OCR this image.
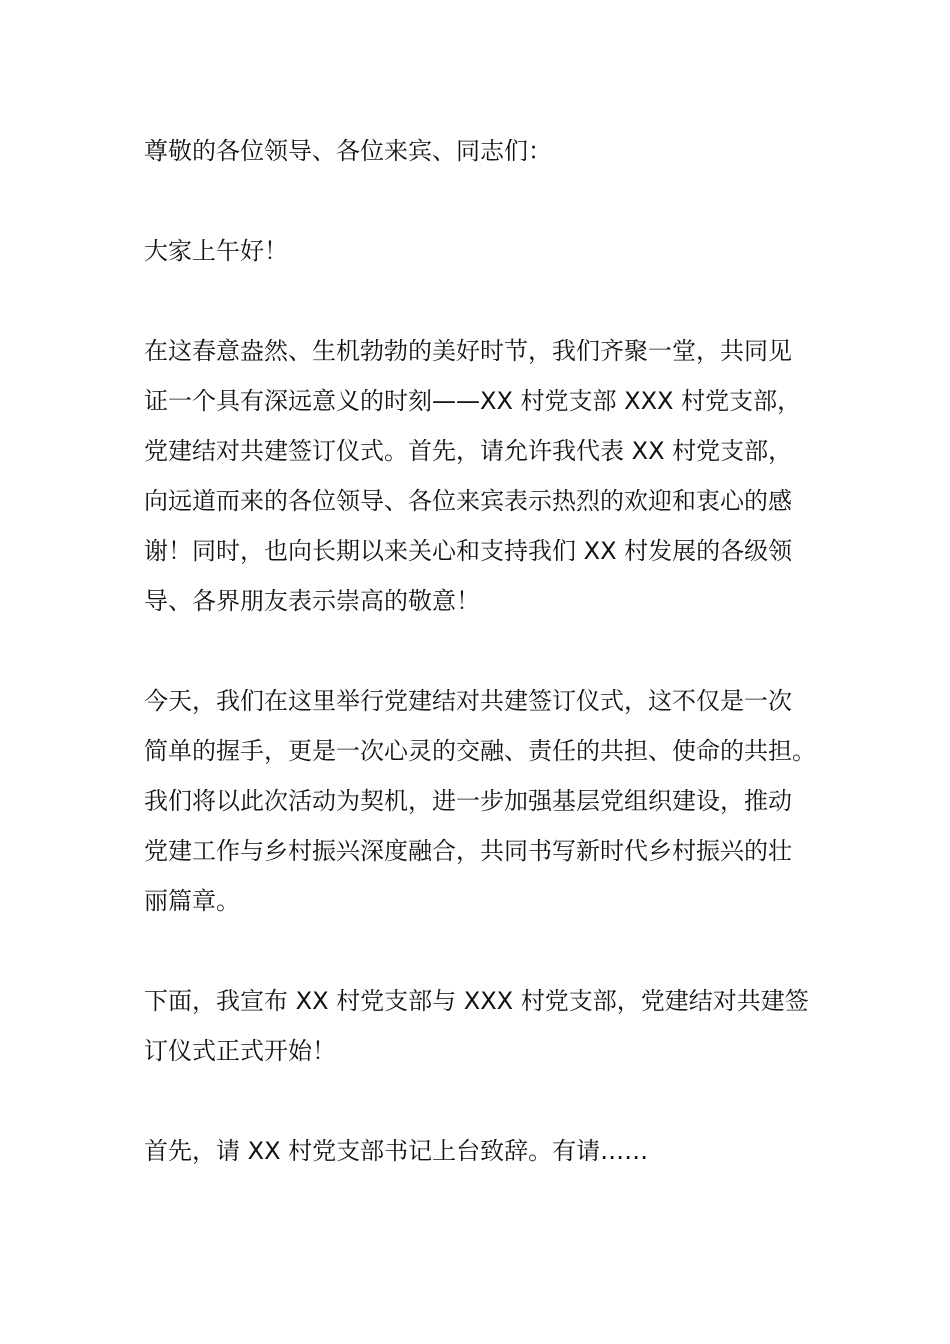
尊敬的各位领导、各位来宾、同志们：

大家上午好！

在这春意盎然、生机勃勃的美好时节，我们齐聚一堂，共同见
证一个具有深远意义的时刻——XX 村党支部 XXX 村党支部，
党建结对共建签订仪式。首先，请允许我代表 XX 村党支部，
向远道而来的各位领导、各位来宾表示热烈的欢迎和衷心的感
谢！同时，也向长期以来关心和支持我们 XX 村发展的各级领
导、各界朋友表示崇高的敬意！

今天，我们在这里举行党建结对共建签订仪式，这不仅是一次
简单的握手，更是一次心灵的交融、责任的共担、使命的共担。
我们将以此次活动为契机，进一步加强基层党组织建设，推动
党建工作与乡村振兴深度融合，共同书写新时代乡村振兴的壮
丽篇章。

下面，我宣布 XX 村党支部与 XXX 村党支部，党建结对共建签
订仪式正式开始！

首先，请 XX 村党支部书记上台致辞。有请……
